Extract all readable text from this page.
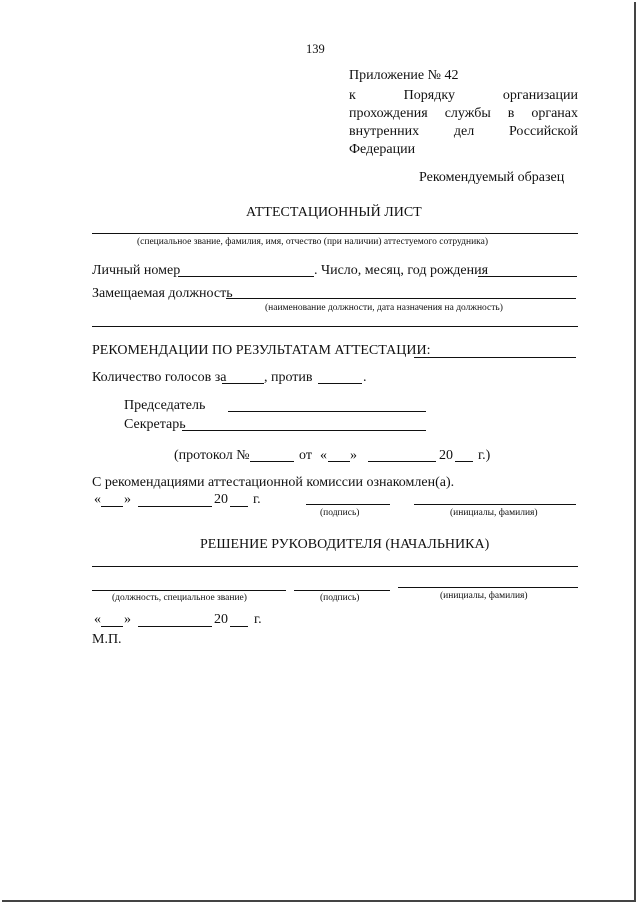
139
Приложение № 42
к	Порядку	организации
прохождения службы в органах
внутренних дел Российской
Федерации
Рекомендуемый образец
АТТЕСТАЦИОННЫЙ ЛИСТ
(специальное звание, фамилия, имя, отчество (при наличии) аттестуемого сотрудника)
Личный номер	. Число, месяц, год рождения
Замещаемая должность
(наименование должности, дата назначения на должность)
РЕКОМЕНДАЦИИ ПО РЕЗУЛЬТАТАМ АТТЕСТАЦИИ:
Количество голосов за	, против	.
Председатель
Секретарь
(протокол №	от « »	20 г.)
С рекомендациями аттестационной комиссии ознакомлен(а).
« »	20 г.
(подпись)	(инициалы, фамилия)
РЕШЕНИЕ РУКОВОДИТЕЛЯ (НАЧАЛЬНИКА)
(должность, специальное звание)	(подпись)	(инициалы, фамилия)
« »	20 г.
М.П.
